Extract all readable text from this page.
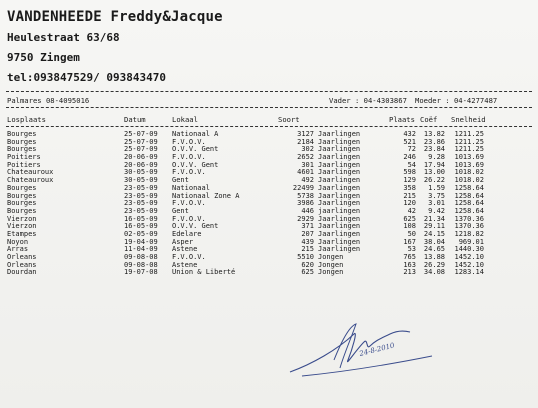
VANDENHEEDE Freddy&Jacque
Heulestraat 63/68
9750 Zingem
tel:093847529/ 093843470
Palmares 08-4095016	Vader : 04-4303867 Moeder : 04-4277487
Losplaats	Datum	Lokaal	Soort	Plaats Coëf Snelheid
Bourges	25-07-09 Nationaal A	3127 Jaarlingen	432	13.82	1211.25
Bourges	25-07-09 F.V.O.V.	2184 Jaarlingen	521	23.86	1211.25
Bourges	25-07-09 O.V.V. Gent	302 Jaarlingen	72	23.84	1211.25
Poitiers	20-06-09 F.V.O.V.	2652 Jaarlingen	246	9.28	1013.69
Poitiers	20-06-09 O.V.V. Gent	301 Jaarlingen	54	17.94	1013.69
Chateauroux	30-05-09 F.V.O.V.	4601 Jaarlingen	598	13.00	1018.02
Chateauroux	30-05-09 Gent	492 Jaarlingen	129	26.22	1018.02
Bourges	23-05-09 Nationaal	22499 Jaarlingen	358	1.59	1258.64
Bourges	23-05-09 Nationaal Zone A	5738 Jaarlingen	215	3.75	1258.64
Bourges	23-05-09 F.V.O.V.	3986 Jaarlingen	120	3.01	1258.64
Bourges	23-05-09 Gent	446 jaarlingen	42	9.42	1258.64
Vierzon	16-05-09 F.V.O.V.	2929 Jaarlingen	625	21.34	1370.36
Vierzon	16-05-09 O.V.V. Gent	371 Jaarlingen	108	29.11	1370.36
Etampes	02-05-09 Edelare	207 Jaarlingen	50	24.15	1218.82
Noyon	19-04-09 Asper	439 Jaarlingen	167	38.04	969.01
Arras	11-04-09 Astene	215 Jaarlingen	53	24.65	1440.30
Orleans	09-08-08 F.V.O.V.	5510 Jongen	765	13.88	1452.10
Orleans	09-08-08 Astene	620 Jongen	163	26.29	1452.10
Dourdan	19-07-08 Union & Liberté	625 Jongen	213	34.08	1283.14
24-8-2010
